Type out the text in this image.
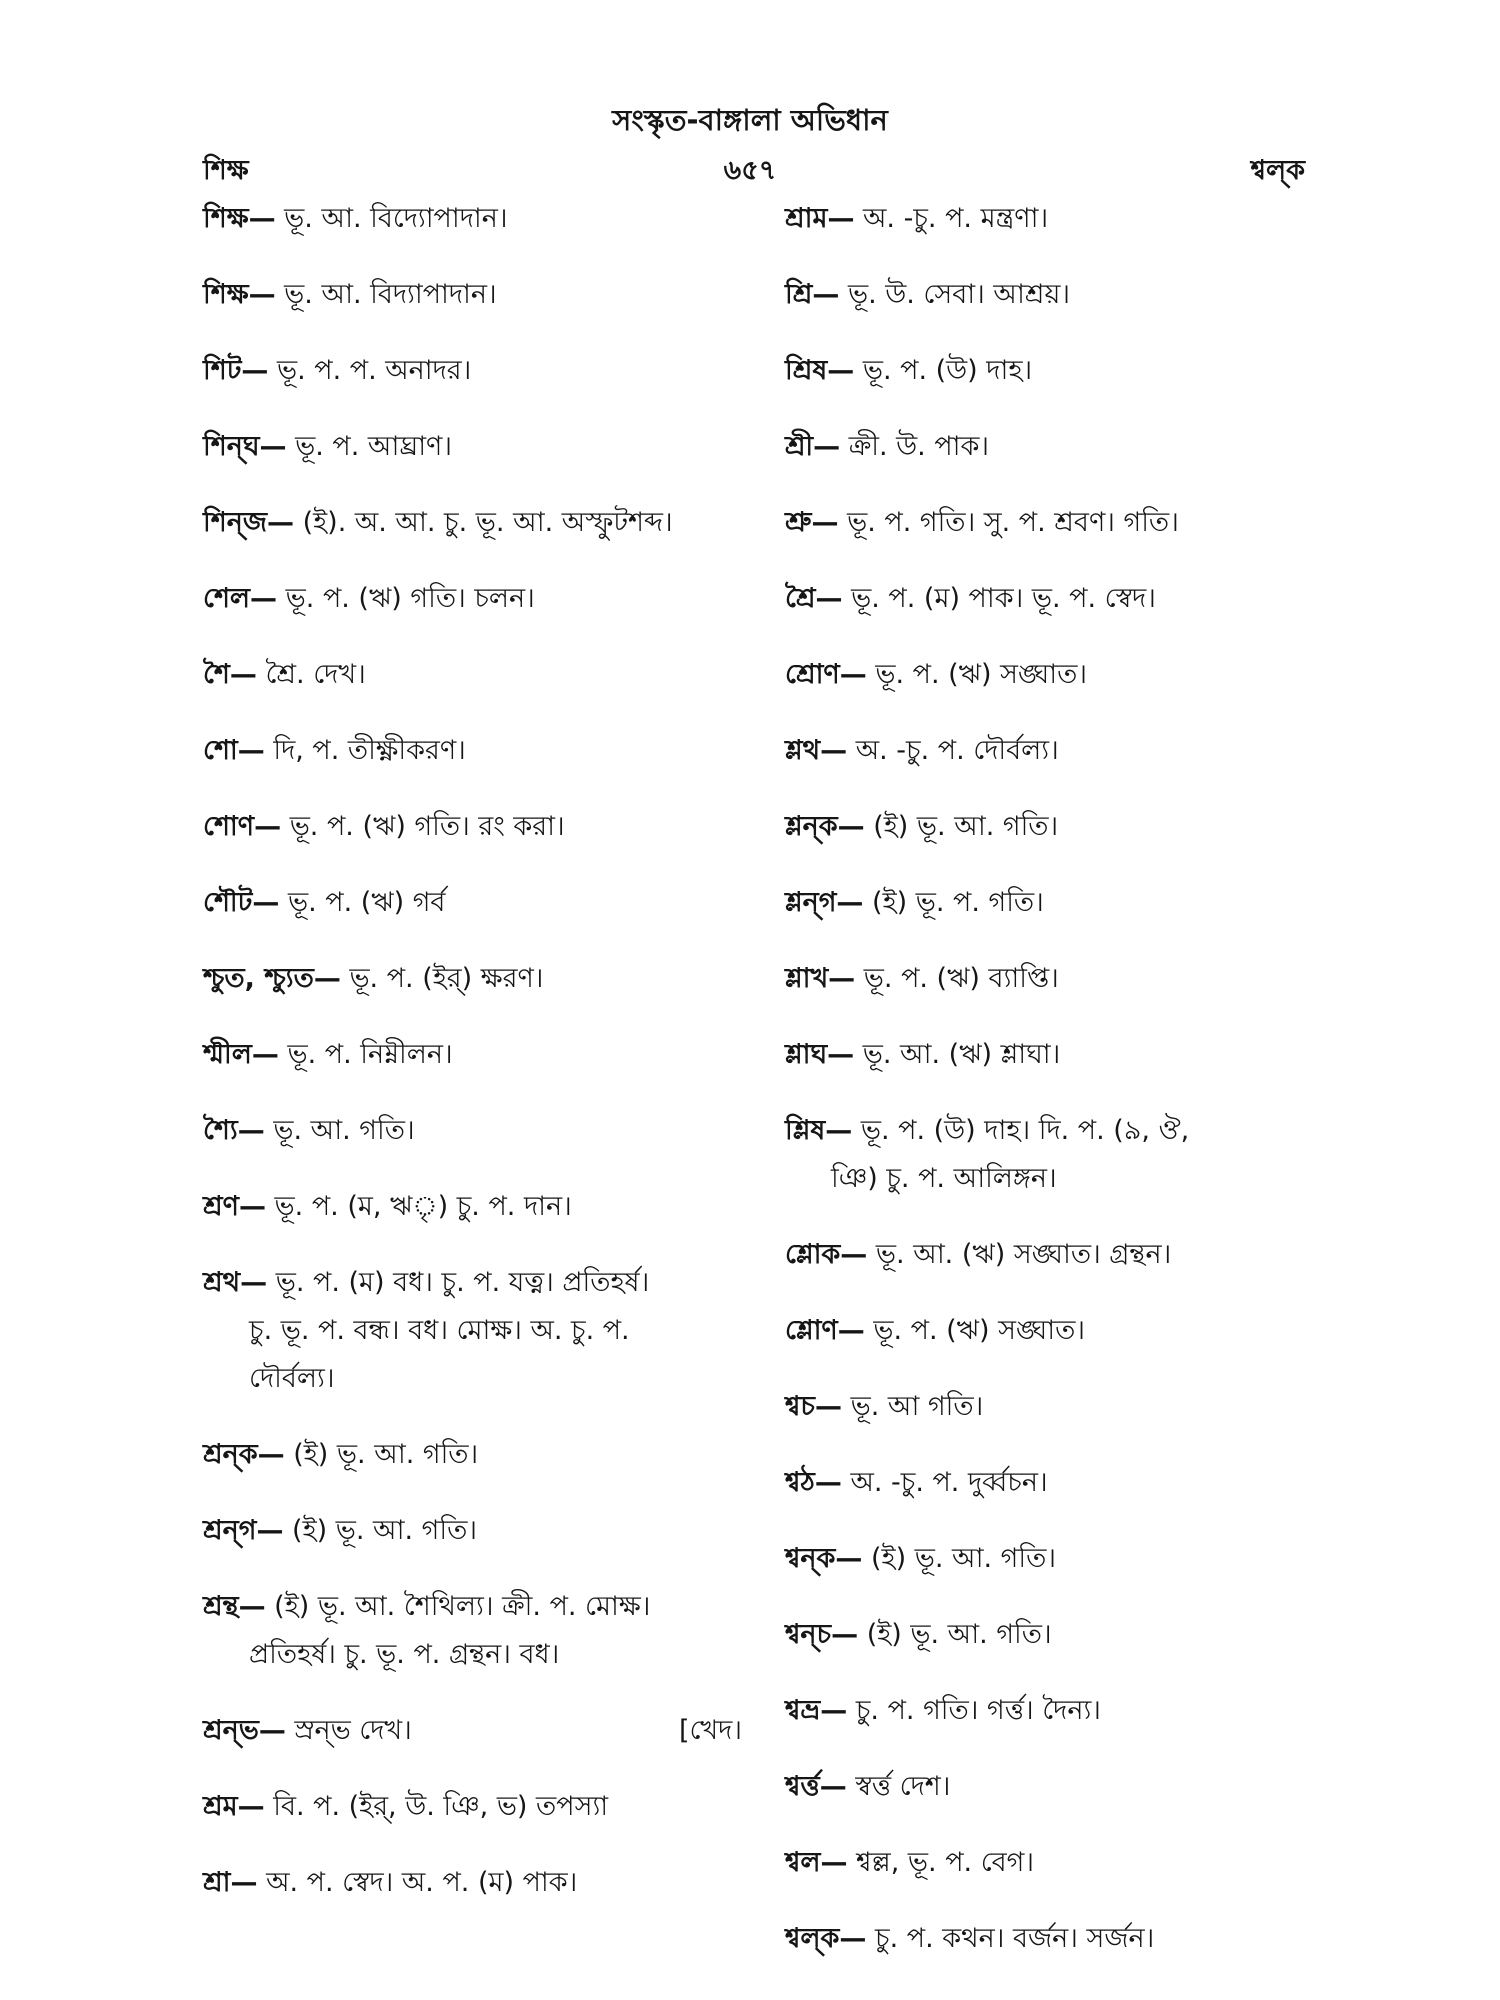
সংস্কৃত-বাঙ্গালা অভিধান
শিক্ষ	৬৫৭	শ্বল্‌ক
শিক্ষ— ভূ. আ. বিদ্যোপাদান।
শিক্ষ— ভূ. আ. বিদ্যাপাদান।
শিট— ভূ. প. প. অনাদর।
শিন্‌ঘ— ভূ. প. আঘ্রাণ।
শিন্‌জ— (ই). অ. আ. চু. ভূ. আ. অস্ফুটশব্দ।
শেল— ভূ. প. (ঋ) গতি। চলন।
শৈ— শ্রৈ. দেখ।
শো— দি, প. তীক্ষ্ণীকরণ।
শোণ— ভূ. প. (ঋ) গতি। রং করা।
শৌট— ভূ. প. (ঋ) গর্ব
শ্চুত, শ্চ্যুত— ভূ. প. (ইর্) ক্ষরণ।
শ্মীল— ভূ. প. নিম্নীলন।
শ্যৈ— ভূ. আ. গতি।
শ্রণ— ভূ. প. (ম, ঋৃ) চু. প. দান।
শ্রথ— ভূ. প. (ম) বধ। চু. প. যত্ন। প্রতিহর্ষ।
চু. ভূ. প. বন্ধ। বধ। মোক্ষ। অ. চু. প.
দৌর্বল্য।
শ্রন্‌ক— (ই) ভূ. আ. গতি।
শ্রন্‌গ— (ই) ভূ. আ. গতি।
শ্রন্থ— (ই) ভূ. আ. শৈথিল্য। ক্রী. প. মোক্ষ।
প্রতিহর্ষ। চু. ভূ. প. গ্রন্থন। বধ।
শ্রন্‌ভ— স্রন্‌ভ দেখ।	[খেদ।
শ্রম— বি. প. (ইর্, উ. ঞি, ভ) তপস্যা
শ্রা— অ. প. স্বেদ। অ. প. (ম) পাক।
শ্রাম— অ. -চু. প. মন্ত্রণা।
শ্রি— ভূ. উ. সেবা। আশ্রয়।
শ্রিষ— ভূ. প. (উ) দাহ।
শ্রী— ক্রী. উ. পাক।
শ্রু— ভূ. প. গতি। সু. প. শ্রবণ। গতি।
শ্রৈ— ভূ. প. (ম) পাক। ভূ. প. স্বেদ।
শ্রোণ— ভূ. প. (ঋ) সঙ্ঘাত।
শ্লথ— অ. -চু. প. দৌর্বল্য।
শ্লন্‌ক— (ই) ভূ. আ. গতি।
শ্লন্‌গ— (ই) ভূ. প. গতি।
শ্লাখ— ভূ. প. (ঋ) ব্যাপ্তি।
শ্লাঘ— ভূ. আ. (ঋ) শ্লাঘা।
শ্লিষ— ভূ. প. (উ) দাহ। দি. প. (৯, ঔ,
ঞি) চু. প. আলিঙ্গন।
শ্লোক— ভূ. আ. (ঋ) সঙ্ঘাত। গ্রন্থন।
শ্লোণ— ভূ. প. (ঋ) সঙ্ঘাত।
শ্বচ— ভূ. আ গতি।
শ্বঠ— অ. -চু. প. দুর্ব্বচন।
শ্বন্‌ক— (ই) ভূ. আ. গতি।
শ্বন্‌চ— (ই) ভূ. আ. গতি।
শ্বভ্র— চু. প. গতি। গর্ত্ত। দৈন্য।
শ্বর্ত্ত— স্বর্ত্ত দেশ।
শ্বল— শ্বল্ল, ভূ. প. বেগ।
শ্বল্‌ক— চু. প. কথন। বর্জন। সর্জন।
